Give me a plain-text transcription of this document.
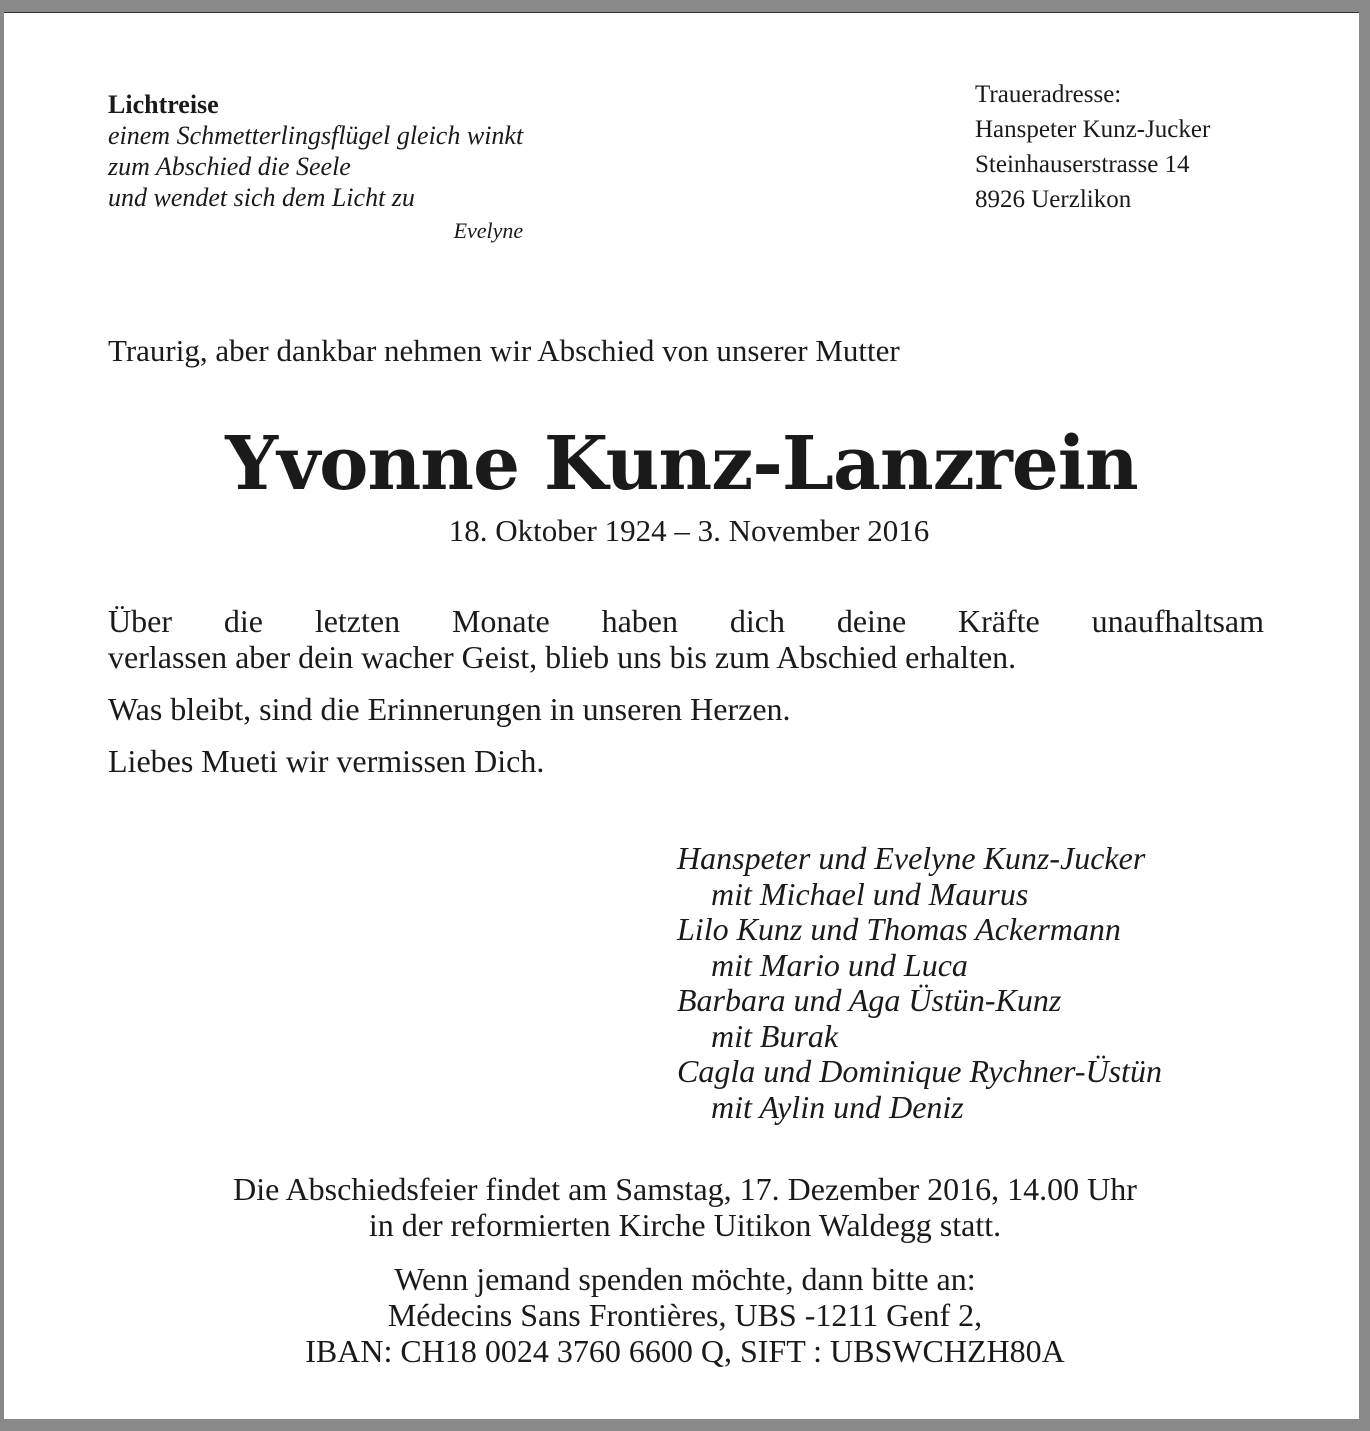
Lichtreise
einem Schmetterlingsflügel gleich winkt
zum Abschied die Seele
und wendet sich dem Licht zu
Evelyne
Traueradresse:
Hanspeter Kunz-Jucker
Steinhauserstrasse 14
8926 Uerzlikon
Traurig, aber dankbar nehmen wir Abschied von unserer Mutter
Yvonne Kunz-Lanzrein
18. Oktober 1924 – 3. November 2016

Über die letzten Monate haben dich deine Kräfte unaufhaltsam

verlassen aber dein wacher Geist, blieb uns bis zum Abschied erhalten.

Was bleibt, sind die Erinnerungen in unseren Herzen.

Liebes Mueti wir vermissen Dich.

Hanspeter und Evelyne Kunz-Jucker
mit Michael und Maurus
Lilo Kunz und Thomas Ackermann
mit Mario und Luca
Barbara und Aga Üstün-Kunz
mit Burak
Cagla und Dominique Rychner-Üstün
mit Aylin und Deniz
Die Abschiedsfeier findet am Samstag, 17. Dezember 2016, 14.00 Uhr
in der reformierten Kirche Uitikon Waldegg statt.
Wenn jemand spenden möchte, dann bitte an:
Médecins Sans Frontières, UBS -1211 Genf 2,
IBAN: CH18 0024 3760 6600 Q, SIFT : UBSWCHZH80A
